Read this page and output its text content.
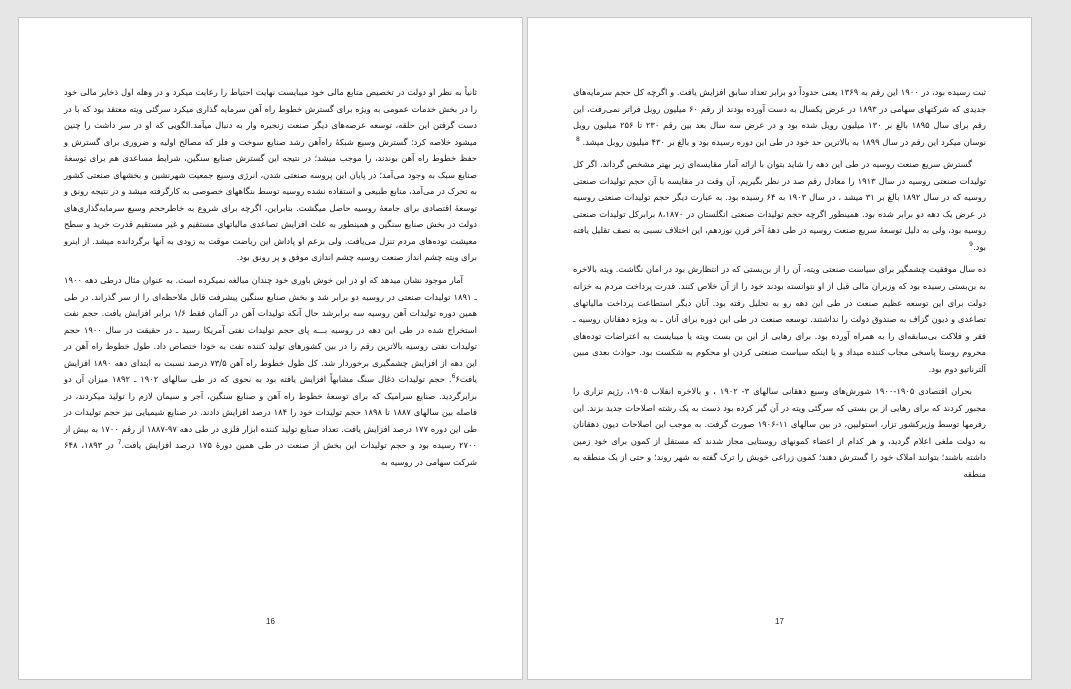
ثانیاً به نظر او دولت در تخصیص منابع مالی خود میبایست نهایت احتیاط را رعایت میکرد و در وهله اول ذخایر مالی خود را در بخش خدمات عمومی به ویژه برای گسترش خطوط راه آهن سرمایه گذاری میکرد سرگئی ویته معتقد بود که با در دست گرفتن این حلقه، توسعه عرصه‌های دیگر صنعت زنجیره وار به دنبال میآمد.الگویی که او در سر داشت را چنین میشود خلاصه کرد: گسترش وسیع شبکهٔ راه‌آهن رشد صنایع سوخت و فلز که مصالح اولیه و ضروری برای گسترش و حفظ خطوط راه آهن بوندند، را موجب میشد؛ در نتیجه این گسترش صنایع سنگین، شرایط مساعدی هم برای توسعهٔ صنایع سبک به وجود می‌آمد؛ در پایان این پروسه صنعتی شدن، انرژی وسیع جمعیت شهرنشین و بخشهای صنعتی کشور به تحرک در می‌آمد، منابع طبیعی و استفاده نشده روسیه توسط بنگاههای خصوصی به کارگرفته میشد و در نتیجه رونق و توسعهٔ اقتصادی برای جامعهٔ روسیه حاصل میگشت. بنابراین، اگرچه برای شروع به خاطرحجم وسیع سرمایه‌گذاری‌های دولت در بخش صنایع سنگین و همینطور به علت افزایش تصاعدی مالیاتهای مستقیم و غیر مستقیم قدرت خرید و سطح معیشت توده‌های مردم تنزل می‌یافت. ولی بزعم او پاداش این ریاضت موقت به زودی به آنها برگردانده میشد. از اینرو برای ویته چشم انداز صنعت روسیه چشم اندازی موفق و پر رونق بود.

آمار موجود نشان میدهد که او در این خوش باوری خود چندان مبالغه نمیکرده است. به عنوان مثال درطی دهه ۱۹۰۰ ـ ۱۸۹۱ تولیدات صنعتی در روسیه دو برابر شد و بخش صنایع سنگین پیشرفت قابل ملاحظه‌ای را از سر گذراند. در طی همین دوره تولیدات آهن روسیه سه برابرشد حال آنکه تولیدات آهن در آلمان فقط ۱/۶ برابر افزایش یافت. حجم نفت استخراج شده در طی این دهه در روسیه بـــه پای حجم تولیدات نفتی آمریکا رسید ـ در حقیقت در سال ۱۹۰۰ حجم تولیدات نفتی روسیه بالاترین رقم را در بین کشورهای تولید کننده نفت به خودا ختصاص داد. طول خطوط راه آهن در این دهه از افزایش چشمگیری برخوردار شد. کل طول خطوط راه آهن ۷۳/۵ درصد نسبت به ابتدای دهه ۱۸۹۰ افزایش یافت$^6$۶. حجم تولیدات ذغال سنگ مشابهاً افزایش یافته بود به نحوی که در طی سالهای ۱۹۰۲ ـ ۱۸۹۲ میزان آن دو برابرگردید. صنایع سرامیک که برای توسعهٔ خطوط راه آهن و صنایع سنگین، آجر و سیمان لازم را تولید میکردند، در فاصله بین سالهای ۱۸۸۷ تا ۱۸۹۸ حجم تولیدات خود را ۱۸۴ درصد افزایش دادند. در صنایع شیمیایی نیز حجم تولیدات در طی این دوره ۱۷۷ درصد افزایش یافت. تعداد صنایع تولید کننده ابزار فلزی در طی دهه ۹۷-۱۸۸۷ از رقم ۱۷۰۰ به بیش از ۲۷۰۰ رسیده بود و حجم تولیدات این بخش از صنعت در طی همین دورهٔ ۱۷۵ درصد افزایش یافت.$^7$ در ۱۸۹۳، ۶۴۸ شرکت سهامی در روسیه به

16

ثبت رسیده بود، در ۱۹۰۰ این رقم به ۱۳۶۹ یعنی حدوداً دو برابر تعداد سابق افزایش یافت. و اگرچه کل حجم سرمایه‌های جدیدی که شرکتهای سهامی در ۱۸۹۳ در عرض یکسال به دست آورده بودند از رقم ۶۰ میلیون روبل فراتر نمی‌رفت، این رقم برای سال ۱۸۹۵ بالغ بر ۱۳۰ میلیون روبل شده بود و در عرض سه سال بعد بین رقم ۲۳۰ تا ۲۵۶ میلیون روبل نوسان میکرد این رقم در سال ۱۸۹۹ به بالاترین حد خود در طی این دوره رسیده بود و بالغ بر ۴۳۰ میلیون روبل میشد. $^8$

گسترش سریع صنعت روسیه در طی این دهه را شاید بتوان با ارائه آمار مقایسه‌ای زیر بهتر مشخص گرداند. اگر کل تولیدات صنعتی روسیه در سال ۱۹۱۳ را معادل رقم صد در نظر بگیریم، آن وقت در مقایسه با آن حجم تولیدات صنعتی روسیه که در سال ۱۸۹۲ بالغ بر ۳۱ میشد ، در سال ۱۹۰۳ به ۶۴ رسیده بود. به عبارت دیگر حجم تولیدات صنعتی روسیه در عرض یک دهه دو برابر شده بود. همینطور اگرچه حجم تولیدات صنعتی انگلستان در ۸،۱۸۷۰ برابرکل تولیدات صنعتی روسیه بود، ولی به دلیل توسعهٔ سریع صنعت روسیه در طی دههٔ آخر قرن نوزدهم، این اختلاف نسبی به نصف تقلیل یافته بود.$^9$

ده سال موفقیت چشمگیر برای سیاست صنعتی ویته، آن را از بن‌بستی که در انتظارش بود در امان نگاشت. ویته بالاخره به بن‌بستی رسیده بود که وزیران مالی قبل از او نتوانسته بودند خود را از آن خلاص کنند. قدرت پرداخت مردم به خزانه دولت برای این توسعه عظیم صنعت در طی این دهه رو به تحلیل رفته بود. آنان دیگر استطاعت پرداخت مالیاتهای تصاعدی و دیون گزاف به صندوق دولت را نداشتند. توسعه صنعت در طی این دوره برای آنان ـ به ویژه دهقانان روسیه ـ فقر و فلاکت بی‌سابقه‌ای را به همراه آورده بود. برای رهایی از این بن بست ویته یا میبایست به اعتراضات توده‌های محروم روستا پاسخی مجاب کننده میداد و یا اینکه سیاست صنعتی کردن او محکوم به شکست بود. حوادث بعدی مبین آلترناتیو دوم بود.

بحران اقتصادی ۱۹۰۵-۱۹۰۰ شورش‌های وسیع دهقانی سالهای ۳- ۱۹۰۲ ، و بالاخره انقلاب ۱۹۰۵، رژیم تزاری را مجبور کردند که برای رهایی از بن بستی که سرگئی ویته در آن گیر کرده بود دست به یک رشته اصلاحات جدید بزند. این رفرمها توسط وزیرکشور تزار، استولیپن، در بین سالهای ۱۱-۱۹۰۶ صورت گرفت. به موجب این اصلاحات دیون دهقانان به دولت ملغی اعلام گردید، و هر کدام از اعضاء کمونهای روستایی مجاز شدند که مستقل از کمون برای خود زمین داشته باشند؛ بتوانند املاک خود را گسترش دهند؛ کمون زراعی خویش را ترک گفته به شهر روند؛ و حتی از یک منطقه به منطقه

17
